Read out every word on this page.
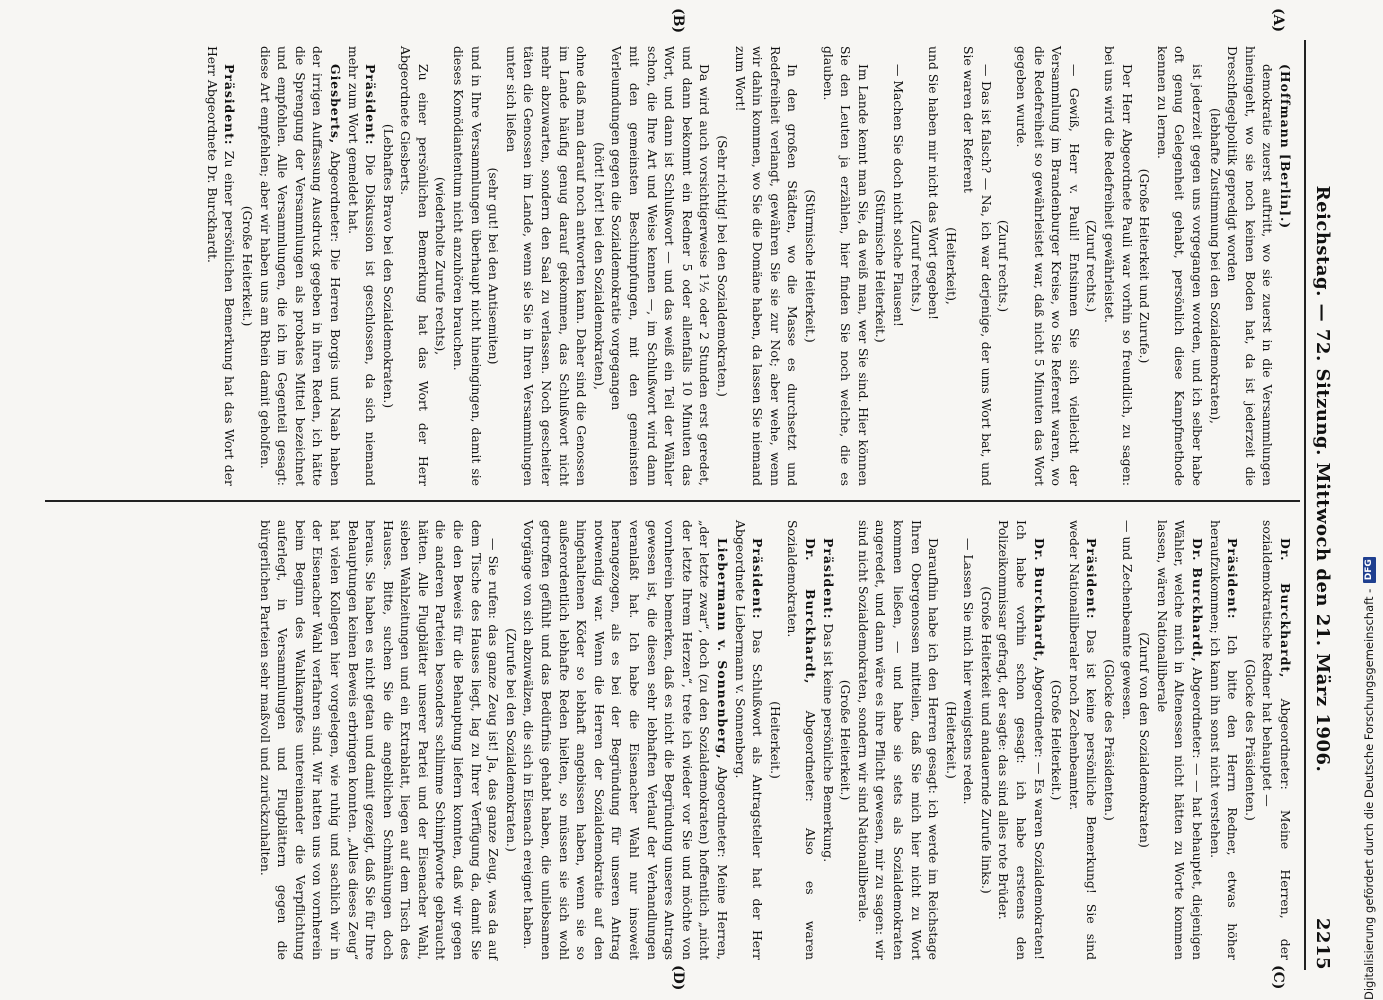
Reichstag. — 72. Sitzung. Mittwoch den 21. März 1906.
2215
(A)
(B)
(C)
(D)

(Hoffmann [Berlin].)

demokratie zuerst auftritt, wo sie zuerst in die Versammlungen hineingeht, wo sie noch keinen Boden hat, da ist jederzeit die Dreschflegelpolitik gepredigt worden

(lebhafte Zustimmung bei den Sozialdemokraten),

ist jederzeit gegen uns vorgegangen worden, und ich selber habe oft genug Gelegenheit gehabt, persönlich diese Kampfmethode kennen zu lernen.

(Große Heiterkeit und Zurufe.)

Der Herr Abgeordnete Pauli war vorhin so freundlich, zu sagen: bei uns wird die Redefreiheit gewährleistet.

(Zuruf rechts.)

— Gewiß, Herr v. Pauli! Entsinnen Sie sich vielleicht der Versammlung im Brandenburger Kreise, wo Sie Referent waren, wo die Redefreiheit so gewährleistet war, daß nicht 5 Minuten das Wort gegeben wurde.

(Zuruf rechts.)

— Das ist falsch? — Na, ich war derjenige, der ums Wort bat, und Sie waren der Referent

(Heiterkeit),

und Sie haben mir nicht das Wort gegeben!

(Zuruf rechts.)

— Machen Sie doch nicht solche Flausen!

(Stürmische Heiterkeit.)

Im Lande kennt man Sie, da weiß man, wer Sie sind. Hier können Sie den Leuten ja erzählen, hier finden Sie noch welche, die es glauben.

(Stürmische Heiterkeit.)

In den großen Städten, wo die Masse es durchsetzt und Redefreiheit verlangt, gewähren Sie sie zur Not; aber wehe, wenn wir dahin kommen, wo Sie die Domäne haben, da lassen Sie niemand zum Wort!

(Sehr richtig! bei den Sozialdemokraten.)

Da wird auch vorsichtigerweise 1½ oder 2 Stunden erst geredet, und dann bekommt ein Redner 5 oder allenfalls 10 Minuten das Wort, und dann ist Schlußwort — und das weiß ein Teil der Wähler schon, die Ihre Art und Weise kennen —, im Schlußwort wird dann mit den gemeinsten Beschimpfungen, mit den gemeinsten Verleumdungen gegen die Sozialdemokratie vorgegangen

(hört! hört! bei den Sozialdemokraten),

ohne daß man darauf noch antworten kann. Daher sind die Genossen im Lande häufig genug darauf gekommen, das Schlußwort nicht mehr abzuwarten, sondern den Saal zu verlassen. Noch gescheiter täten die Genossen im Lande, wenn sie Sie in Ihren Versammlungen unter sich ließen

(sehr gut! bei den Antisemiten)

und in Ihre Versammlungen überhaupt nicht hineingingen, damit sie dieses Komödiantentum nicht anzuhören brauchen.

(wiederholte Zurufe rechts),

Zu einer persönlichen Bemerkung hat das Wort der Herr Abgeordnete Giesberts.

(Lebhaftes Bravo bei den Sozialdemokraten.)

Präsident: Die Diskussion ist geschlossen, da sich niemand mehr zum Wort gemeldet hat.

Giesberts, Abgeordneter: Die Herren Borgis und Naab haben der irrigen Auffassung Ausdruck gegeben in ihren Reden, ich hätte die Sprengung der Versammlungen als probates Mittel bezeichnet und empfohlen. Alle Versammlungen, die ich im Gegenteil gesagt: diese Art empfehlen; aber wir haben uns am Rhein damit geholfen.

(Große Heiterkeit.)

Präsident: Zu einer persönlichen Bemerkung hat das Wort der Herr Abgeordnete Dr. Burckhardt.

Dr. Burckhardt, Abgeordneter: Meine Herren, der sozialdemokratische Redner hat behauptet —

(Glocke des Präsidenten.)

Präsident: Ich bitte den Herrn Redner, etwas höher heraufzukommen; ich kann ihn sonst nicht verstehen.

Dr. Burckhardt, Abgeordneter: — — hat behauptet, diejenigen Wähler, welche mich in Altenessen nicht hätten zu Worte kommen lassen, wären Nationalliberale

(Zuruf von den Sozialdemokraten)

— und Zechenbeamte gewesen.

(Glocke des Präsidenten.)

Präsident: Das ist keine persönliche Bemerkung! Sie sind weder Nationalliberaler noch Zechenbeamter.

(Große Heiterkeit.)

Dr. Burckhardt, Abgeordneter: — Es waren Sozialdemokraten! Ich habe vorhin schon gesagt: ich habe ersteens den Polizeikommissar gefragt, der sagte: das sind alles rote Brüder.

(Große Heiterkeit und andauernde Zurufe links.)

— Lassen Sie mich hier wenigstens reden.

(Heiterkeit.)

Daraufhin habe ich den Herren gesagt: ich werde im Reichstage Ihren Obergenossen mitteilen, daß Sie mich hier nicht zu Wort kommen ließen, — und habe sie stets als Sozialdemokraten angeredet, und dann wäre es ihre Pflicht gewesen, mir zu sagen: wir sind nicht Sozialdemokraten, sondern wir sind Nationalliberale.

(Große Heiterkeit.)

Präsident: Das ist keine persönliche Bemerkung.

Dr. Burckhardt, Abgeordneter: Also es waren Sozialdemokraten.

(Heiterkeit.)

Präsident: Das Schlußwort als Antragsteller hat der Herr Abgeordnete Liebermann v. Sonnenberg.

Liebermann v. Sonnenberg, Abgeordneter: Meine Herren, „der letzte zwar“, doch (zu den Sozialdemokraten) hoffentlich „nicht der letzte Ihrem Herzen“, trete ich wieder vor Sie und möchte von vornherein bemerken, daß es nicht die Begründung unseres Antrags gewesen ist, die diesen sehr lebhaften Verlauf der Verhandlungen veranlaßt hat. Ich habe die Eisenacher Wahl nur insoweit herangezogen, als es bei der Begründung für unseren Antrag notwendig war. Wenn die Herren der Sozialdemokratie auf den hingehaltenen Köder so lebhaft angebissen haben, wenn sie so außerordentlich lebhafte Reden hielten, so müssen sie sich wohl getroffen gefühlt und das Bedürfnis gehabt haben, die unliebsamen Vorgänge von sich abzuwälzen, die sich in Eisenach ereignet haben.

(Zurufe bei den Sozialdemokraten.)

— Sie rufen: das ganze Zeug ist! Ja, das ganze Zeug, was da auf dem Tische des Hauses liegt, lag zu Ihrer Verfügung da, damit Sie die den Beweis für die Behauptung liefern konnten, daß wir gegen die anderen Parteien besonders schlimme Schimpfworte gebraucht hätten. Alle Flugblätter unserer Partei und der Eisenacher Wahl, sieben Wahlzeitungen und ein Extrablatt, liegen auf dem Tisch des Hauses. Bitte, suchen Sie die angeblichen Schmähungen doch heraus. Sie haben es nicht getan und damit gezeigt, daß Sie für Ihre Behauptungen keinen Beweis erbringen konnten. „Alles dieses Zeug“ hat vielen Kollegen hier vorgelegen, wie ruhig und sachlich wir in der Eisenacher Wahl verfahren sind. Wir hatten uns von vornherein beim Beginn des Wahlkampfes untereinander die Verpflichtung auferlegt, in Versammlungen und Flugblättern gegen die bürgerlichen Parteien sehr maßvoll und zurückzuhalten.	Digitalisierung gefördert durch die Deutsche Forschungsgemeinschaft -
DFG
